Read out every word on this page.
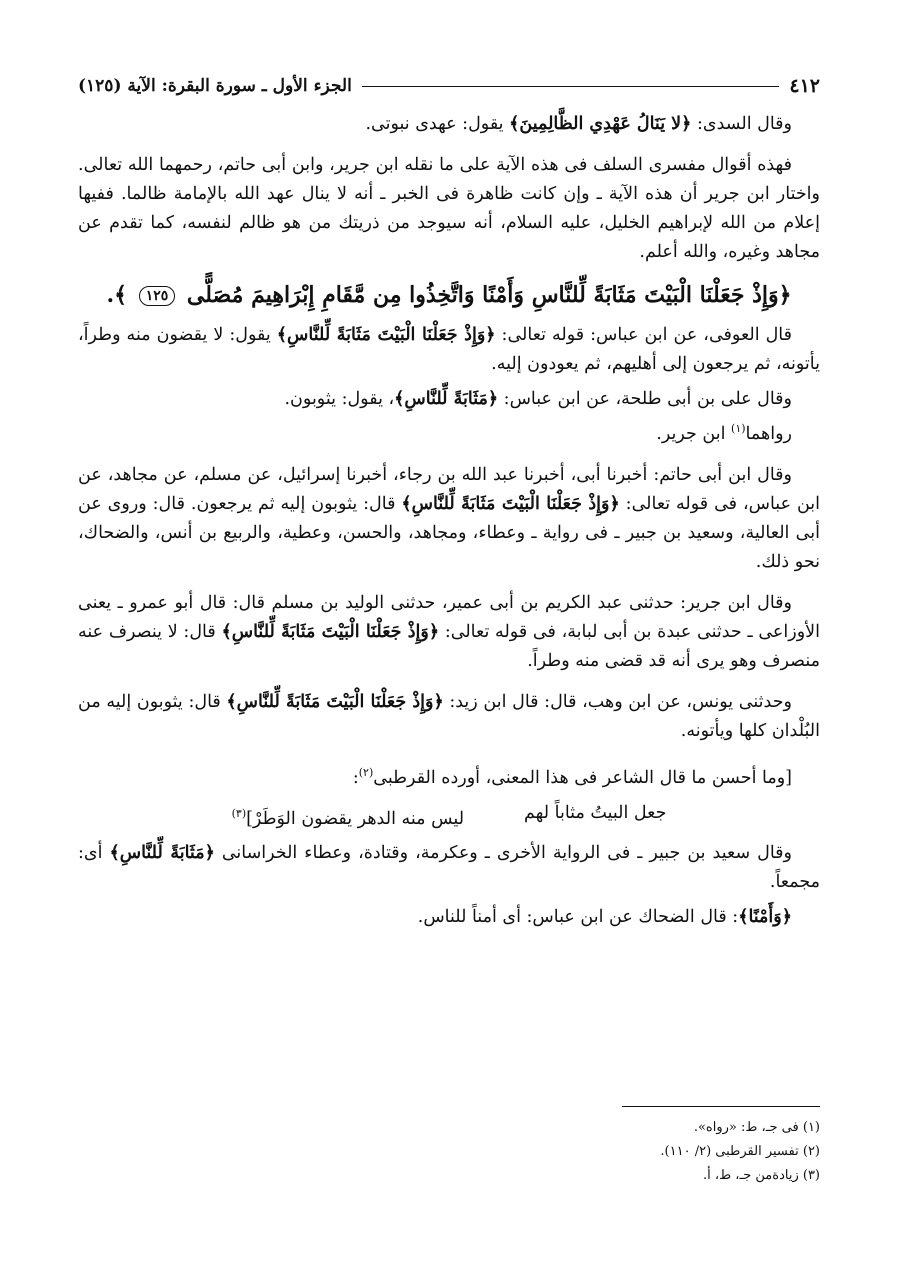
٤١٢
الجزء الأول ـ سورة البقرة: الآية (١٢٥)

وقال السدى: ﴿لا يَنَالُ عَهْدِي الظَّالِمِينَ﴾ يقول: عهدى نبوتى.

فهذه أقوال مفسرى السلف فى هذه الآية على ما نقله ابن جرير، وابن أبى حاتم، رحمهما الله تعالى. واختار ابن جرير أن هذه الآية ـ وإن كانت ظاهرة فى الخبر ـ أنه لا ينال عهد الله بالإمامة ظالما. ففيها إعلام من الله لإبراهيم الخليل، عليه السلام، أنه سيوجد من ذريتك من هو ظالم لنفسه، كما تقدم عن مجاهد وغيره، والله أعلم.

﴿وَإِذْ جَعَلْنَا الْبَيْتَ مَثَابَةً لِّلنَّاسِ وَأَمْنًا وَاتَّخِذُوا مِن مَّقَامِ إِبْرَاهِيمَ مُصَلًّى ١٢٥ ﴾.

قال العوفى، عن ابن عباس: قوله تعالى: ﴿وَإِذْ جَعَلْنَا الْبَيْتَ مَثَابَةً لِّلنَّاسِ﴾ يقول: لا يقضون منه وطراً، يأتونه، ثم يرجعون إلى أهليهم، ثم يعودون إليه.

وقال على بن أبى طلحة، عن ابن عباس: ﴿مَثَابَةً لِّلنَّاسِ﴾، يقول: يثوبون.

رواهما$^{(١)}$ ابن جرير.

وقال ابن أبى حاتم: أخبرنا أبى، أخبرنا عبد الله بن رجاء، أخبرنا إسرائيل، عن مسلم، عن مجاهد، عن ابن عباس، فى قوله تعالى: ﴿وَإِذْ جَعَلْنَا الْبَيْتَ مَثَابَةً لِّلنَّاسِ﴾ قال: يثوبون إليه ثم يرجعون. قال: وروى عن أبى العالية، وسعيد بن جبير ـ فى رواية ـ وعطاء، ومجاهد، والحسن، وعطية، والربيع بن أنس، والضحاك، نحو ذلك.

وقال ابن جرير: حدثنى عبد الكريم بن أبى عمير، حدثنى الوليد بن مسلم قال: قال أبو عمرو ـ يعنى الأوزاعى ـ حدثنى عبدة بن أبى لبابة، فى قوله تعالى: ﴿وَإِذْ جَعَلْنَا الْبَيْتَ مَثَابَةً لِّلنَّاسِ﴾ قال: لا ينصرف عنه منصرف وهو يرى أنه قد قضى منه وطراً.

وحدثنى يونس، عن ابن وهب، قال: قال ابن زيد: ﴿وَإِذْ جَعَلْنَا الْبَيْتَ مَثَابَةً لِّلنَّاسِ﴾ قال: يثوبون إليه من البُلْدان كلها ويأتونه.

[وما أحسن ما قال الشاعر فى هذا المعنى، أورده القرطبى$^{(٢)}$:

جعل البيتُ مثاباً لهم
ليس منه الدهر يقضون الوَطَرْ]$^{(٣)}$

وقال سعيد بن جبير ـ فى الرواية الأخرى ـ وعكرمة، وقتادة، وعطاء الخراسانى ﴿مَثَابَةً لِّلنَّاسِ﴾ أى: مجمعاً.

﴿وَأَمْنًا﴾: قال الضحاك عن ابن عباس: أى أمناً للناس.

(١) فى جـ، ط: «رواه».
(٢) تفسير القرطبى (٢/ ١١٠).
(٣) زيادةمن جـ، ط، أ.
